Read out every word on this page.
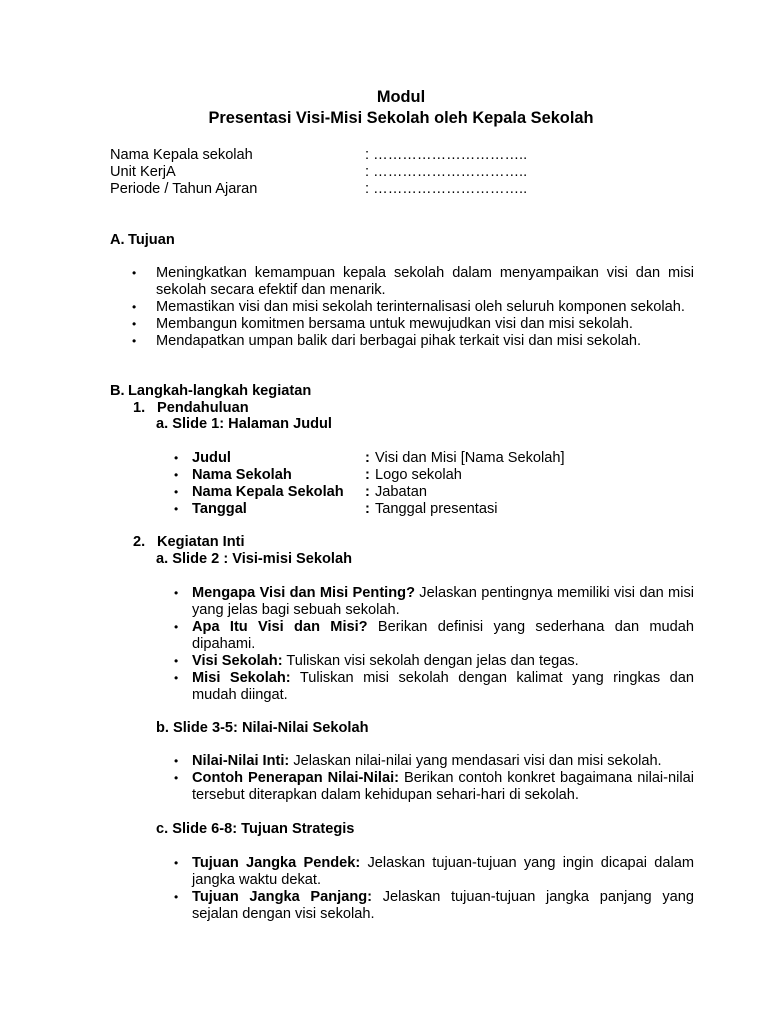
Modul
Presentasi Visi-Misi Sekolah oleh Kepala Sekolah
Nama Kepala sekolah	: …………………………..
Unit KerjA	: …………………………..
Periode / Tahun Ajaran	: …………………………..
A. Tujuan
• Meningkatkan kemampuan kepala sekolah dalam menyampaikan visi dan misi sekolah secara efektif dan menarik.
• Memastikan visi dan misi sekolah terinternalisasi oleh seluruh komponen sekolah.
• Membangun komitmen bersama untuk mewujudkan visi dan misi sekolah.
• Mendapatkan umpan balik dari berbagai pihak terkait visi dan misi sekolah.
B. Langkah-langkah kegiatan
1. Pendahuluan
a. Slide 1: Halaman Judul
• Judul	: Visi dan Misi [Nama Sekolah]
• Nama Sekolah	: Logo sekolah
• Nama Kepala Sekolah : Jabatan
• Tanggal	: Tanggal presentasi
2. Kegiatan Inti
a. Slide 2 : Visi-misi Sekolah
• Mengapa Visi dan Misi Penting? Jelaskan pentingnya memiliki visi dan misi yang jelas bagi sebuah sekolah.
• Apa Itu Visi dan Misi? Berikan definisi yang sederhana dan mudah dipahami.
• Visi Sekolah: Tuliskan visi sekolah dengan jelas dan tegas.
• Misi Sekolah: Tuliskan misi sekolah dengan kalimat yang ringkas dan mudah diingat.
b. Slide 3-5: Nilai-Nilai Sekolah
• Nilai-Nilai Inti: Jelaskan nilai-nilai yang mendasari visi dan misi sekolah.
• Contoh Penerapan Nilai-Nilai: Berikan contoh konkret bagaimana nilai-nilai tersebut diterapkan dalam kehidupan sehari-hari di sekolah.
c. Slide 6-8: Tujuan Strategis
• Tujuan Jangka Pendek: Jelaskan tujuan-tujuan yang ingin dicapai dalam jangka waktu dekat.
• Tujuan Jangka Panjang: Jelaskan tujuan-tujuan jangka panjang yang sejalan dengan visi sekolah.
